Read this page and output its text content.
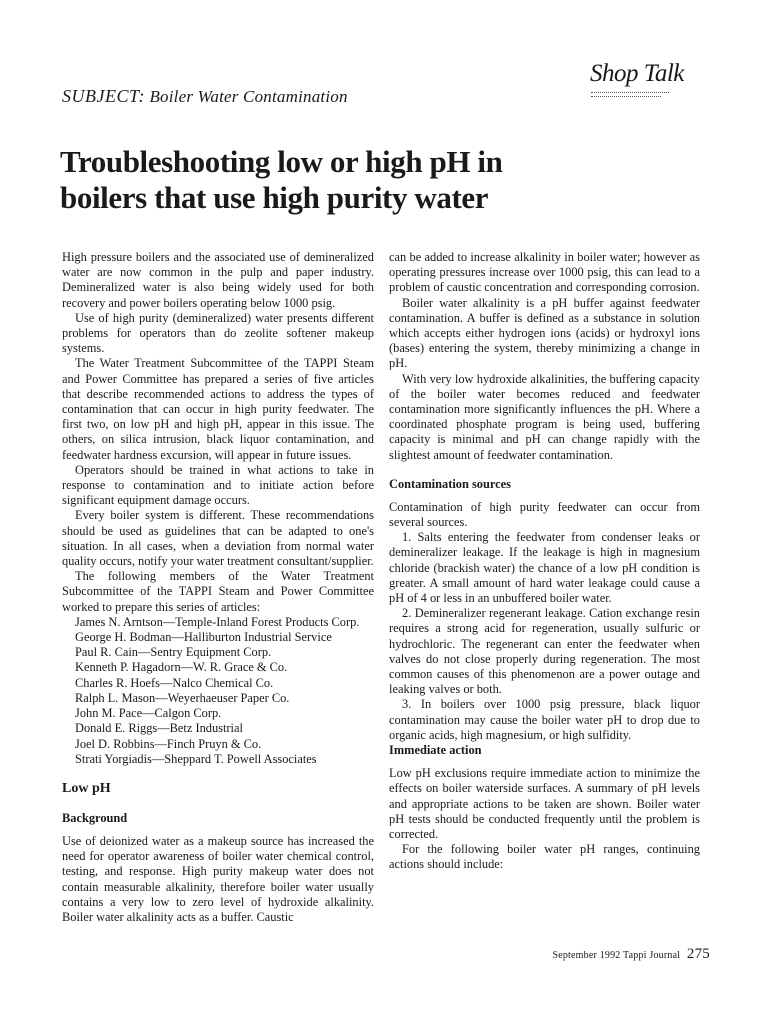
SUBJECT: Boiler Water Contamination
Shop Talk
Troubleshooting low or high pH in
boilers that use high purity water

High pressure boilers and the associated use of demineralized water are now common in the pulp and paper industry. Demineralized water is also being widely used for both recovery and power boilers operating below 1000 psig.

Use of high purity (demineralized) water presents different problems for operators than do zeolite softener makeup systems.

The Water Treatment Subcommittee of the TAPPI Steam and Power Committee has prepared a series of five articles that describe recommended actions to address the types of contamination that can occur in high purity feedwater. The first two, on low pH and high pH, appear in this issue. The others, on silica intrusion, black liquor contamination, and feedwater hardness excursion, will appear in future issues.

Operators should be trained in what actions to take in response to contamination and to initiate action before significant equipment damage occurs.

Every boiler system is different. These recommendations should be used as guidelines that can be adapted to one's situation. In all cases, when a deviation from normal water quality occurs, notify your water treatment consultant/supplier.

The following members of the Water Treatment Subcommittee of the TAPPI Steam and Power Committee worked to prepare this series of articles:

James N. Arntson—Temple-Inland Forest Products Corp.
George H. Bodman—Halliburton Industrial Service
Paul R. Cain—Sentry Equipment Corp.
Kenneth P. Hagadorn—W. R. Grace & Co.
Charles R. Hoefs—Nalco Chemical Co.
Ralph L. Mason—Weyerhaeuser Paper Co.
John M. Pace—Calgon Corp.
Donald E. Riggs—Betz Industrial
Joel D. Robbins—Finch Pruyn & Co.
Strati Yorgiadis—Sheppard T. Powell Associates
Low pH
Background

Use of deionized water as a makeup source has increased the need for operator awareness of boiler water chemical control, testing, and response. High purity makeup water does not contain measurable alkalinity, therefore boiler water usually contains a very low to zero level of hydroxide alkalinity. Boiler water alkalinity acts as a buffer. Caustic

can be added to increase alkalinity in boiler water; however as operating pressures increase over 1000 psig, this can lead to a problem of caustic concentration and corresponding corrosion.

Boiler water alkalinity is a pH buffer against feedwater contamination. A buffer is defined as a substance in solution which accepts either hydrogen ions (acids) or hydroxyl ions (bases) entering the system, thereby minimizing a change in pH.

With very low hydroxide alkalinities, the buffering capacity of the boiler water becomes reduced and feedwater contamination more significantly influences the pH. Where a coordinated phosphate program is being used, buffering capacity is minimal and pH can change rapidly with the slightest amount of feedwater contamination.

Contamination sources

Contamination of high purity feedwater can occur from several sources.

1. Salts entering the feedwater from condenser leaks or demineralizer leakage. If the leakage is high in magnesium chloride (brackish water) the chance of a low pH condition is greater. A small amount of hard water leakage could cause a pH of 4 or less in an unbuffered boiler water.

2. Demineralizer regenerant leakage. Cation exchange resin requires a strong acid for regeneration, usually sulfuric or hydrochloric. The regenerant can enter the feedwater when valves do not close properly during regeneration. The most common causes of this phenomenon are a power outage and leaking valves or both.

3. In boilers over 1000 psig pressure, black liquor contamination may cause the boiler water pH to drop due to organic acids, high magnesium, or high sulfidity.

Immediate action

Low pH exclusions require immediate action to minimize the effects on boiler waterside surfaces. A summary of pH levels and appropriate actions to be taken are shown. Boiler water pH tests should be conducted frequently until the problem is corrected.

For the following boiler water pH ranges, continuing actions should include:

September 1992 Tappi Journal 275
